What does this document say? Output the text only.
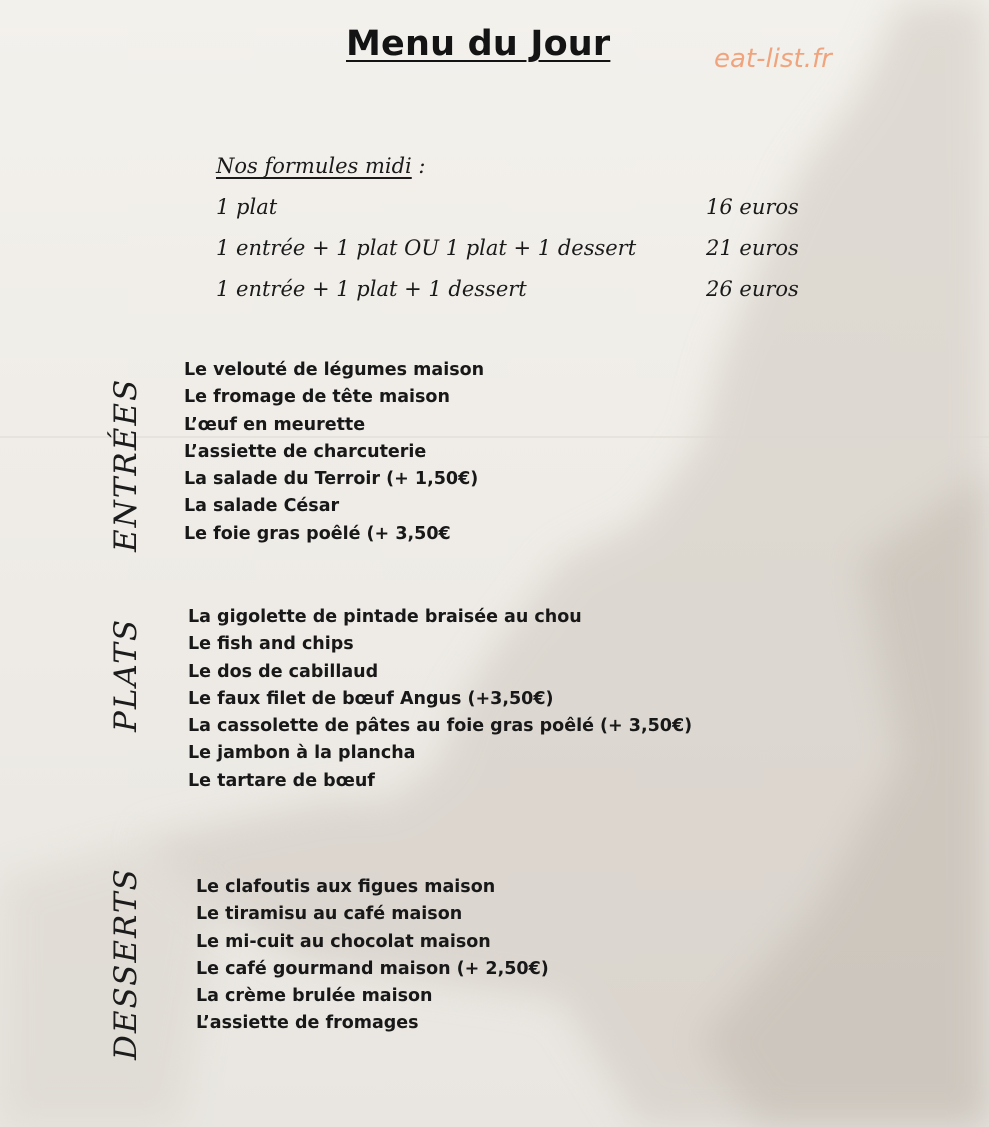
Menu du Jour	eat-list.fr
Nos formules midi :
1 plat	16 euros
1 entrée + 1 plat OU 1 plat + 1 dessert	21 euros
1 entrée + 1 plat + 1 dessert	26 euros
ENTRÉES
Le velouté de légumes maison
Le fromage de tête maison
L’œuf en meurette
L’assiette de charcuterie
La salade du Terroir (+ 1,50€)
La salade César
Le foie gras poêlé (+ 3,50€
PLATS
La gigolette de pintade braisée au chou
Le fish and chips
Le dos de cabillaud
Le faux filet de bœuf Angus (+3,50€)
La cassolette de pâtes au foie gras poêlé (+ 3,50€)
Le jambon à la plancha
Le tartare de bœuf
DESSERTS	Le clafoutis aux figues maison
Le tiramisu au café maison
Le mi-cuit au chocolat maison
Le café gourmand maison (+ 2,50€)
La crème brulée maison
L’assiette de fromages
